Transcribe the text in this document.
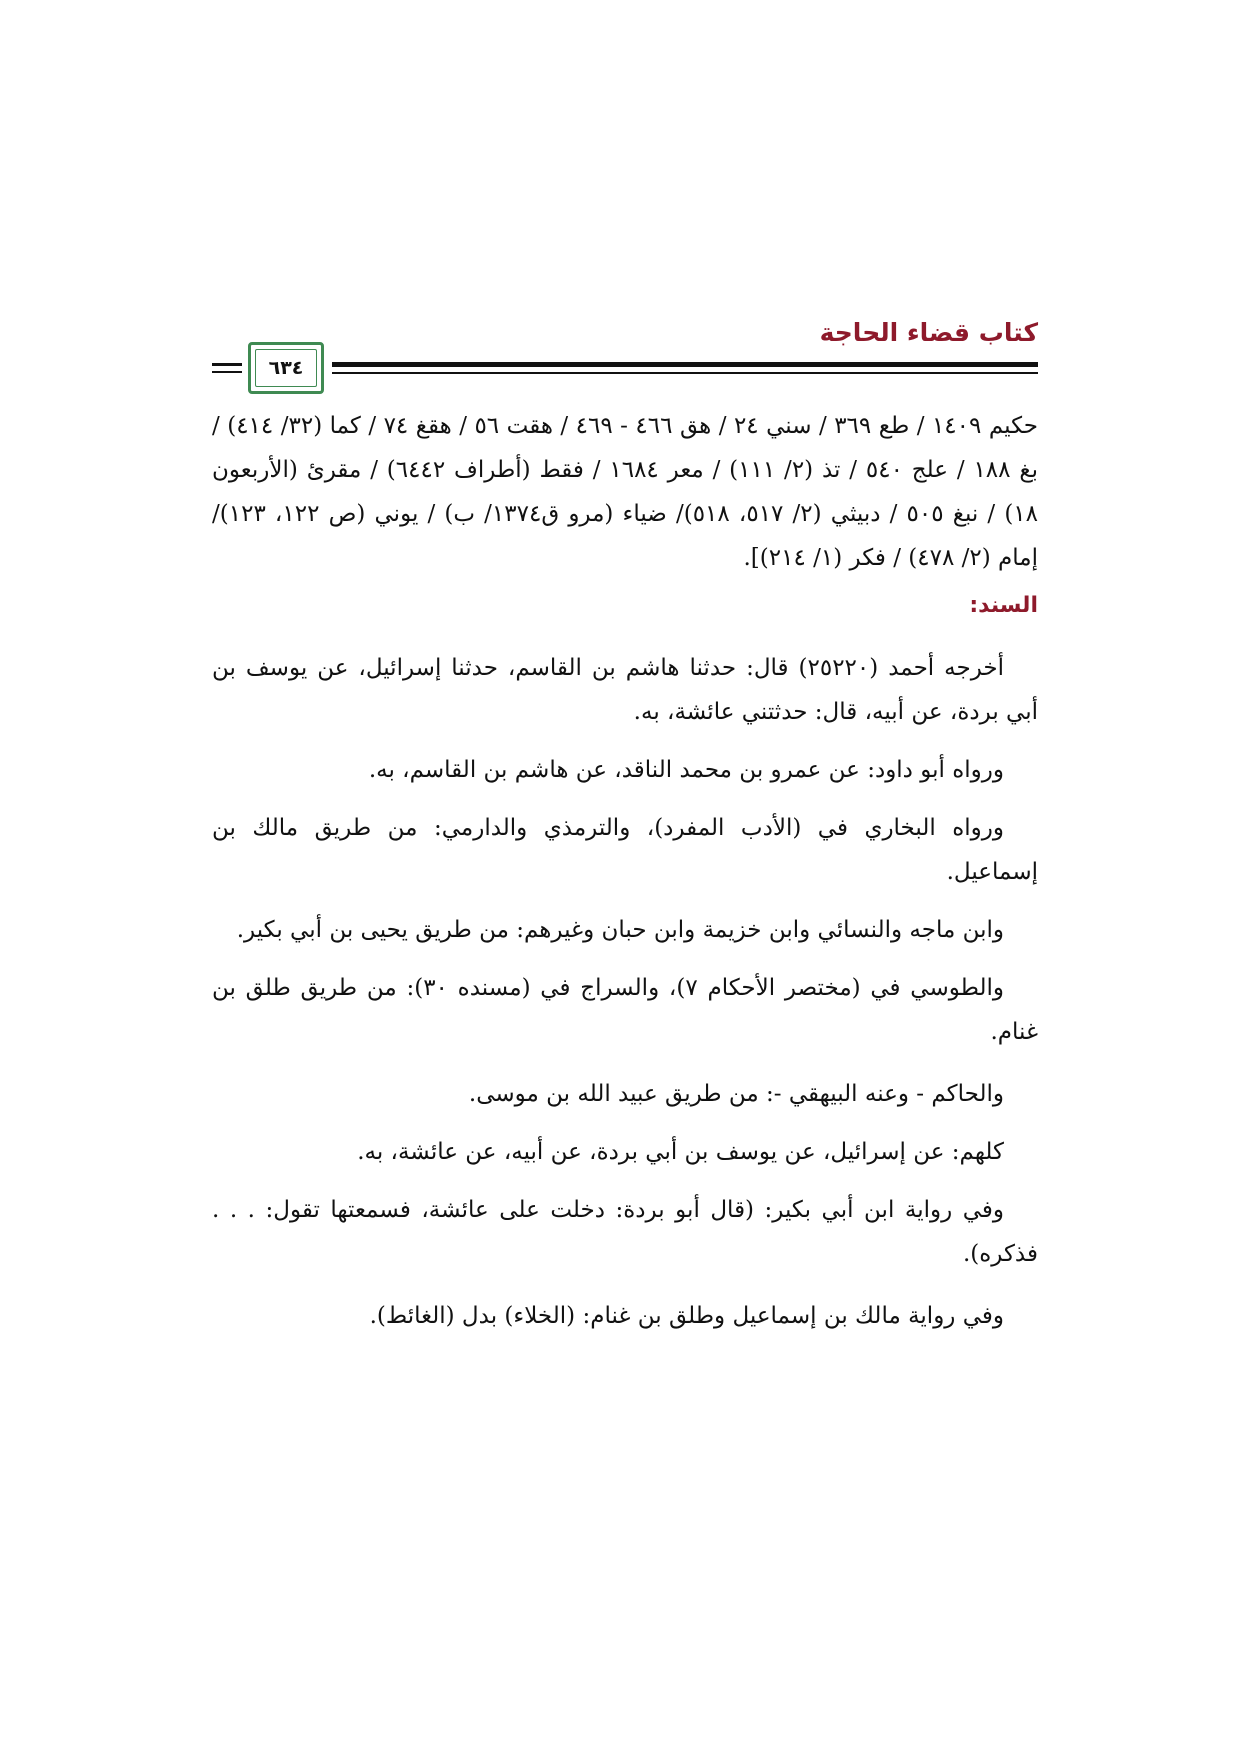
كتاب قضاء الحاجة
٦٣٤

حكيم ١٤٠٩ / طع ٣٦٩ / سني ٢٤ / هق ٤٦٦ - ٤٦٩ / هقت ٥٦ / هقغ ٧٤ / كما (٣٢/ ٤١٤) / بغ ١٨٨ / علج ٥٤٠ / تذ (٢/ ١١١) / معر ١٦٨٤ / فقط (أطراف ٦٤٤٢) / مقرئ (الأربعون ١٨) / نبغ ٥٠٥ / دبيثي (٢/ ٥١٧، ٥١٨)/ ضياء (مرو ق١٣٧٤/ ب) / يوني (ص ١٢٢، ١٢٣)/ إمام (٢/ ٤٧٨) / فكر (١/ ٢١٤)].

السند:

أخرجه أحمد (٢٥٢٢٠) قال: حدثنا هاشم بن القاسم، حدثنا إسرائيل، عن يوسف بن أبي بردة، عن أبيه، قال: حدثتني عائشة، به.

ورواه أبو داود: عن عمرو بن محمد الناقد، عن هاشم بن القاسم، به.

ورواه البخاري في (الأدب المفرد)، والترمذي والدارمي: من طريق مالك بن إسماعيل.

وابن ماجه والنسائي وابن خزيمة وابن حبان وغيرهم: من طريق يحيى بن أبي بكير.

والطوسي في (مختصر الأحكام ٧)، والسراج في (مسنده ٣٠): من طريق طلق بن غنام.

والحاكم - وعنه البيهقي -: من طريق عبيد الله بن موسى.

كلهم: عن إسرائيل، عن يوسف بن أبي بردة، عن أبيه، عن عائشة، به.

وفي رواية ابن أبي بكير: (قال أبو بردة: دخلت على عائشة، فسمعتها تقول: . . . فذكره).

وفي رواية مالك بن إسماعيل وطلق بن غنام: (الخلاء) بدل (الغائط).
